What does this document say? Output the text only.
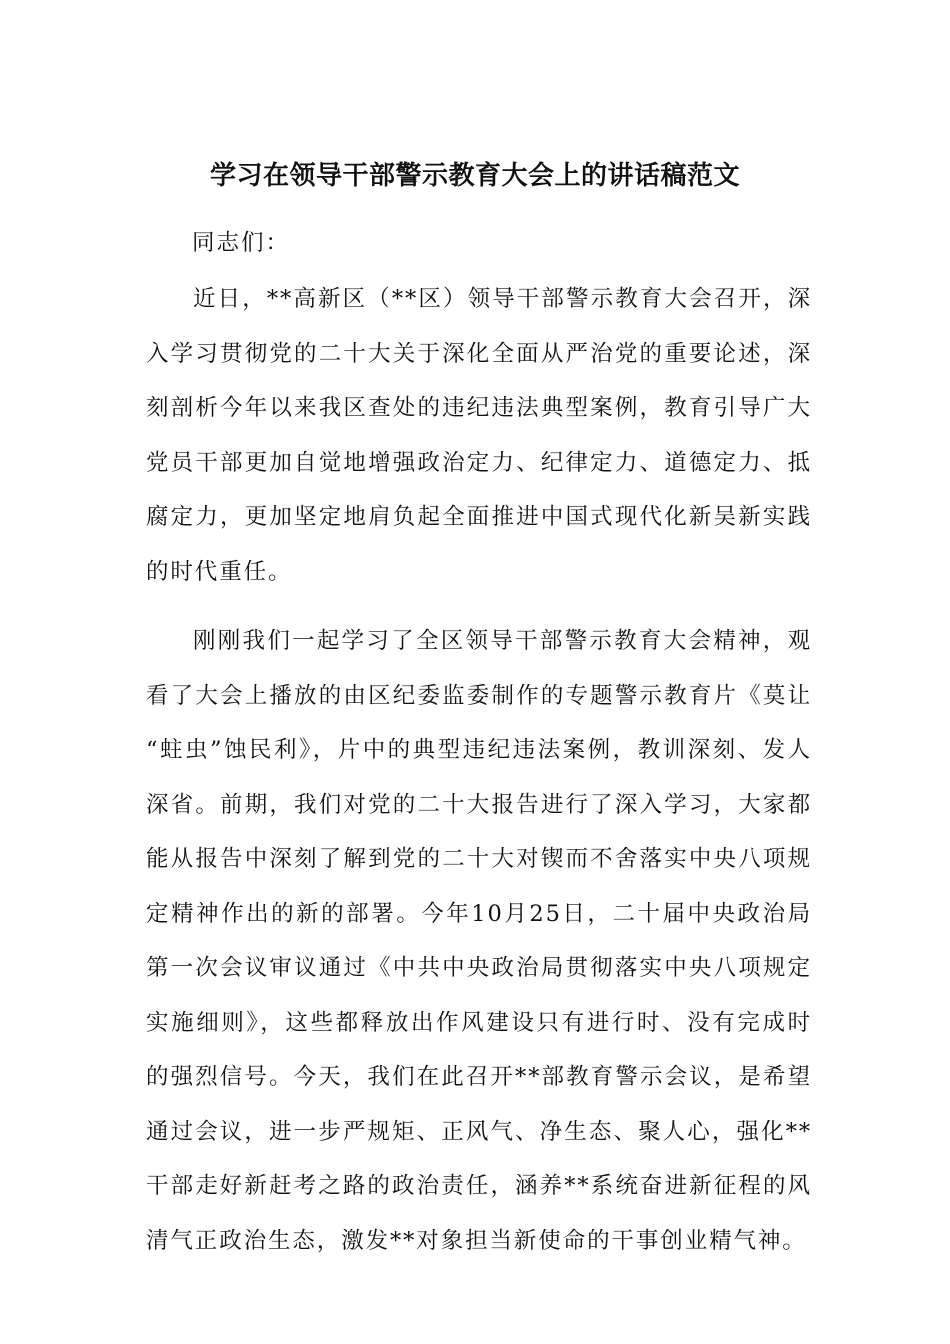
学习在领导干部警示教育大会上的讲话稿范文

同志们：

近日，**高新区（**区）领导干部警示教育大会召开，深入学习贯彻党的二十大关于深化全面从严治党的重要论述，深刻剖析今年以来我区查处的违纪违法典型案例，教育引导广大党员干部更加自觉地增强政治定力、纪律定力、道德定力、抵腐定力，更加坚定地肩负起全面推进中国式现代化新吴新实践的时代重任。

刚刚我们一起学习了全区领导干部警示教育大会精神，观看了大会上播放的由区纪委监委制作的专题警示教育片《莫让“蛀虫”蚀民利》，片中的典型违纪违法案例，教训深刻、发人深省。前期，我们对党的二十大报告进行了深入学习，大家都能从报告中深刻了解到党的二十大对锲而不舍落实中央八项规定精神作出的新的部署。今年10月25日，二十届中央政治局第一次会议审议通过《中共中央政治局贯彻落实中央八项规定实施细则》，这些都释放出作风建设只有进行时、没有完成时的强烈信号。今天，我们在此召开**部教育警示会议，是希望通过会议，进一步严规矩、正风气、净生态、聚人心，强化**干部走好新赶考之路的政治责任，涵养**系统奋进新征程的风清气正政治生态，激发**对象担当新使命的干事创业精气神。
